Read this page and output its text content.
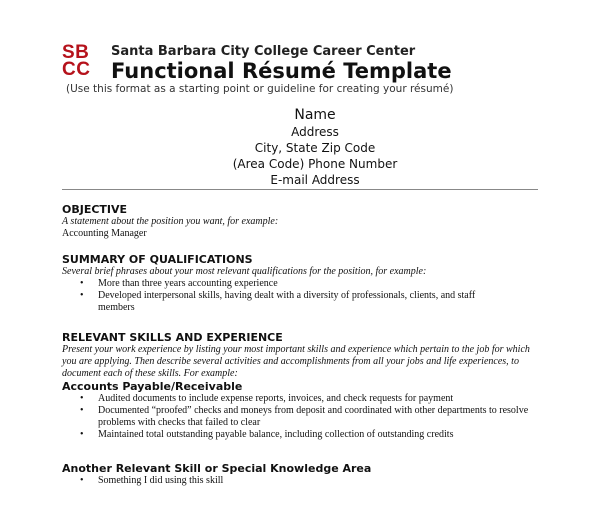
SB
CC
Santa Barbara City College Career Center
Functional Résumé Template
(Use this format as a starting point or guideline for creating your résumé)
Name
Address
City, State Zip Code
(Area Code) Phone Number
E-mail Address
OBJECTIVE
A statement about the position you want, for example:
Accounting Manager
SUMMARY OF QUALIFICATIONS
Several brief phrases about your most relevant qualifications for the position, for example:
• More than three years accounting experience
• Developed interpersonal skills, having dealt with a diversity of professionals, clients, and staff members
RELEVANT SKILLS AND EXPERIENCE
Present your work experience by listing your most important skills and experience which pertain to the job for which you are applying. Then describe several activities and accomplishments from all your jobs and life experiences, to document each of these skills. For example:
Accounts Payable/Receivable
• Audited documents to include expense reports, invoices, and check requests for payment
• Documented “proofed” checks and moneys from deposit and coordinated with other departments to resolve problems with checks that failed to clear
• Maintained total outstanding payable balance, including collection of outstanding credits
Another Relevant Skill or Special Knowledge Area
• Something I did using this skill
